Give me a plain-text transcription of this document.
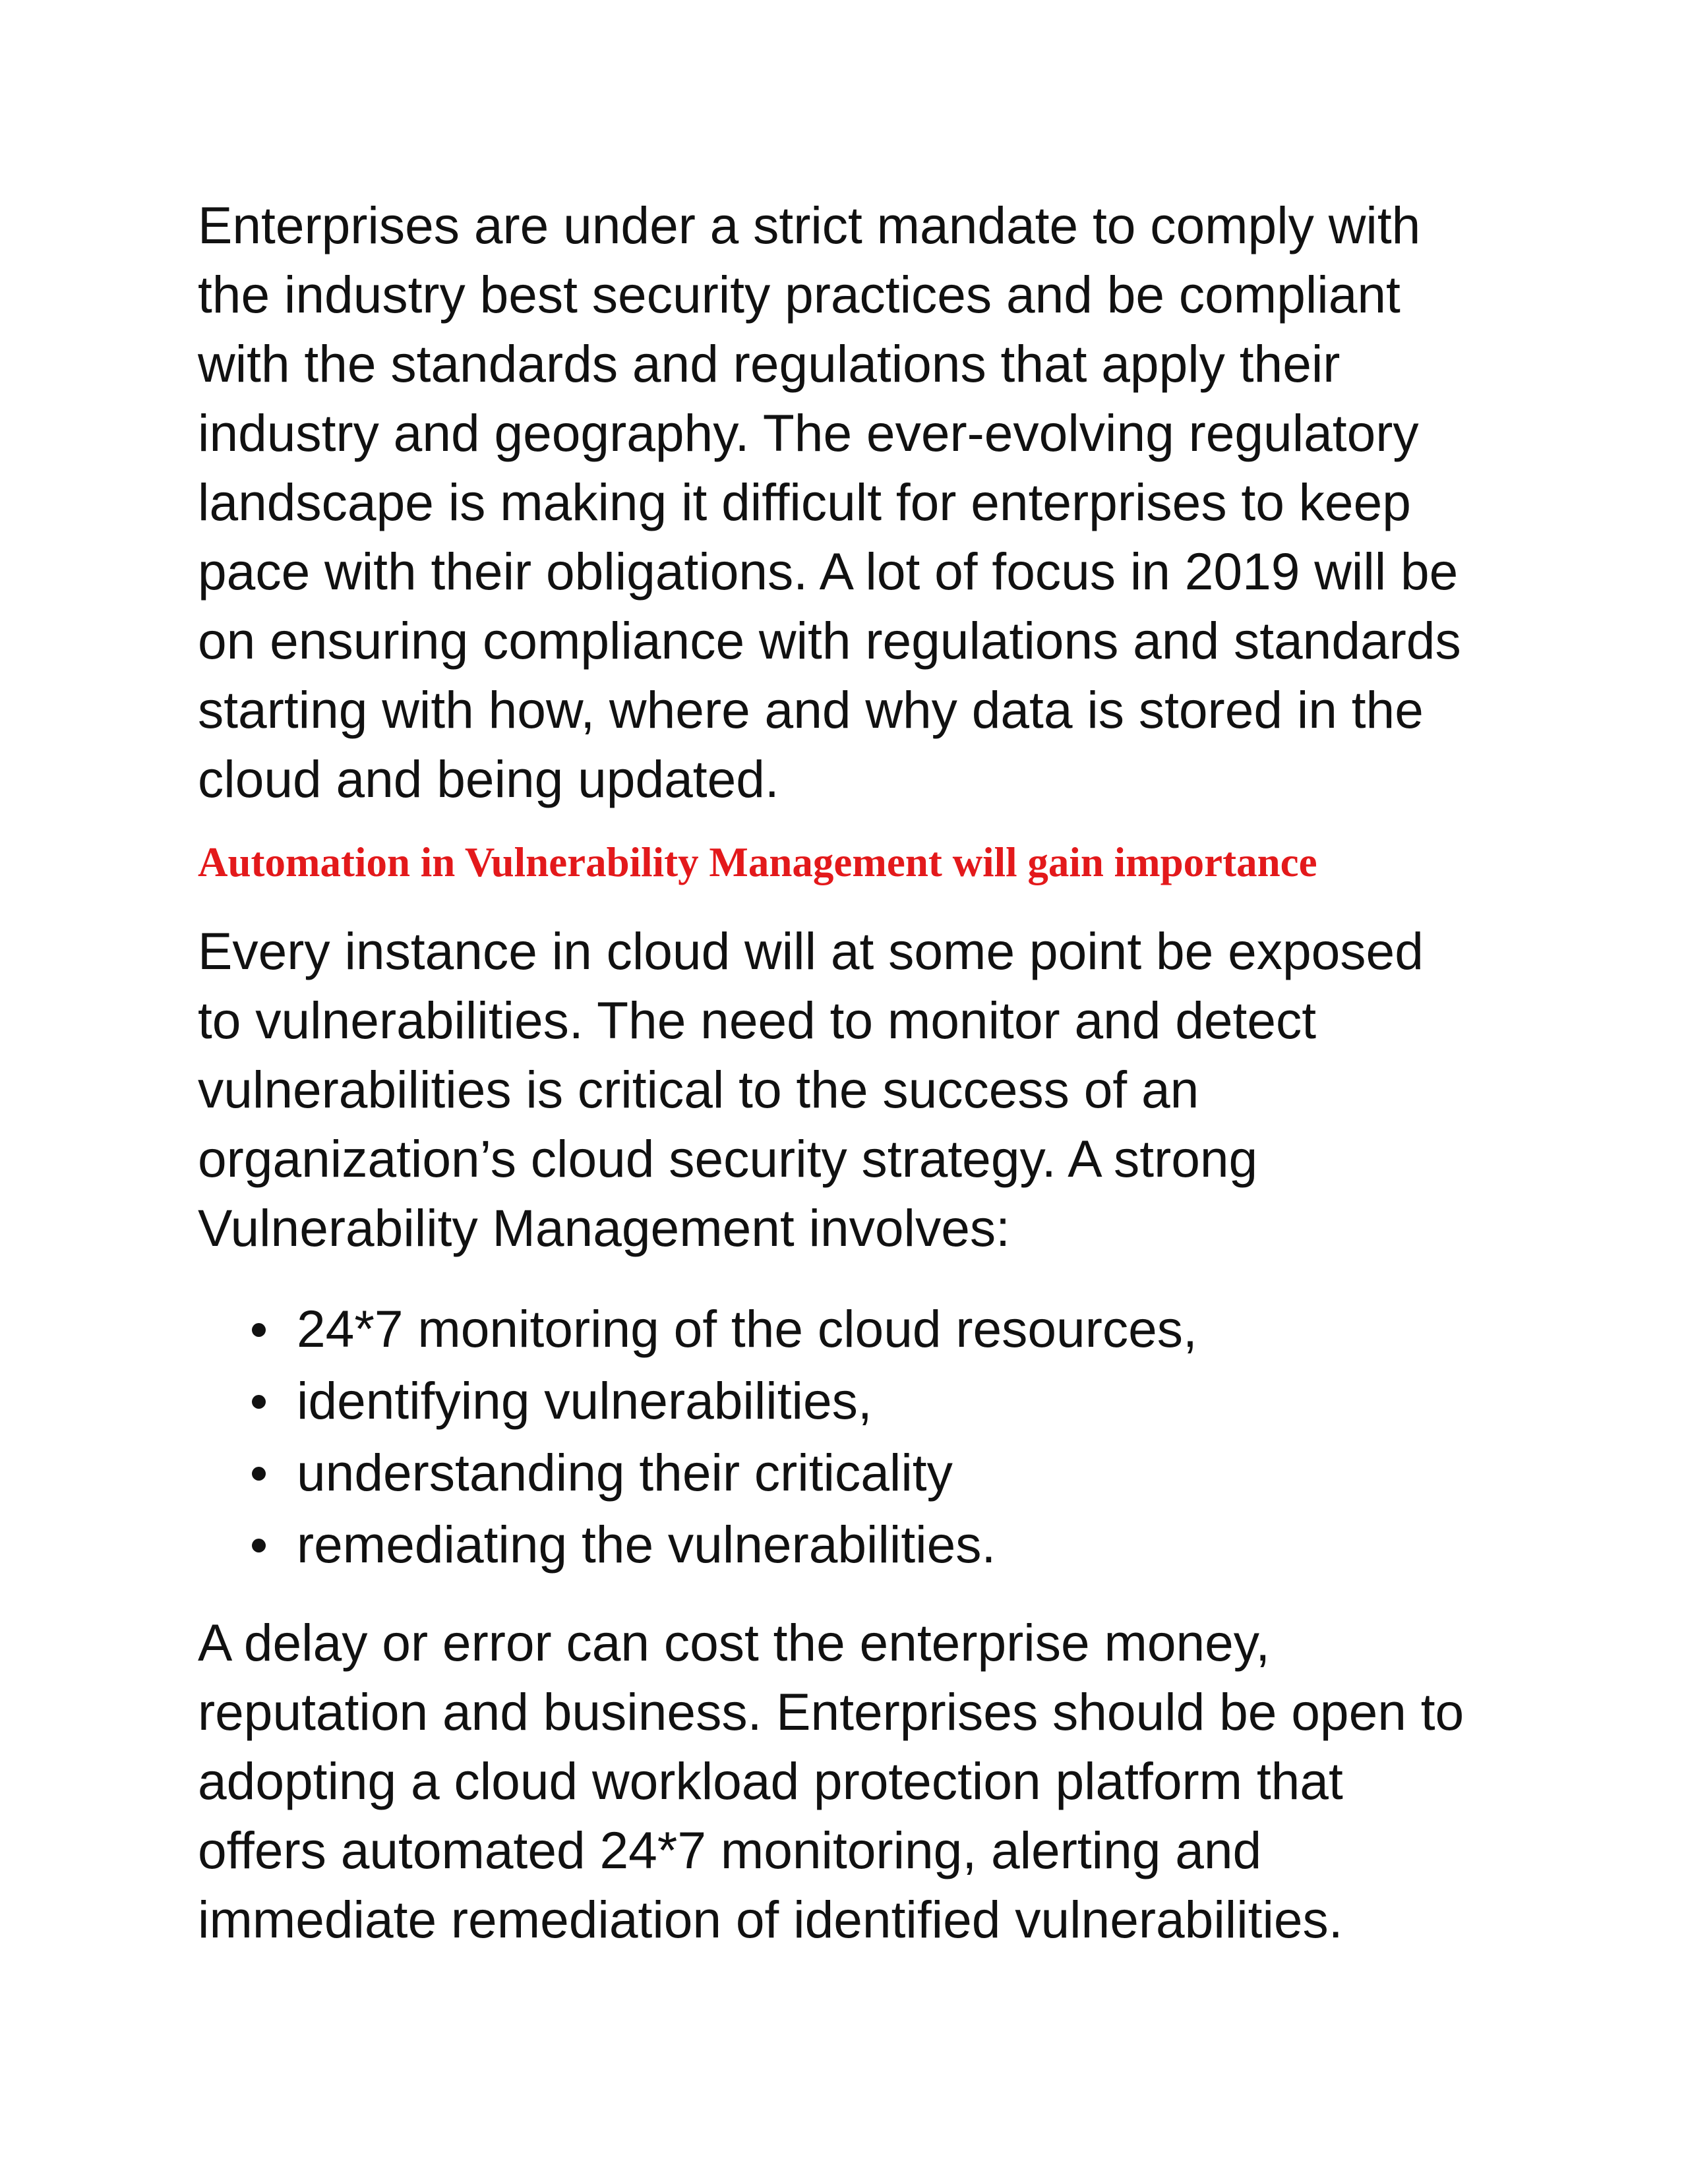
Enterprises are under a strict mandate to comply with
the industry best security practices and be compliant
with the standards and regulations that apply their
industry and geography. The ever-evolving regulatory
landscape is making it difficult for enterprises to keep
pace with their obligations. A lot of focus in 2019 will be
on ensuring compliance with regulations and standards
starting with how, where and why data is stored in the
cloud and being updated.

Automation in Vulnerability Management will gain importance

Every instance in cloud will at some point be exposed
to vulnerabilities. The need to monitor and detect
vulnerabilities is critical to the success of an
organization’s cloud security strategy. A strong
Vulnerability Management involves:

24*7 monitoring of the cloud resources,
identifying vulnerabilities,
understanding their criticality
remediating the vulnerabilities.

A delay or error can cost the enterprise money,
reputation and business. Enterprises should be open to
adopting a cloud workload protection platform that
offers automated 24*7 monitoring, alerting and
immediate remediation of identified vulnerabilities.
